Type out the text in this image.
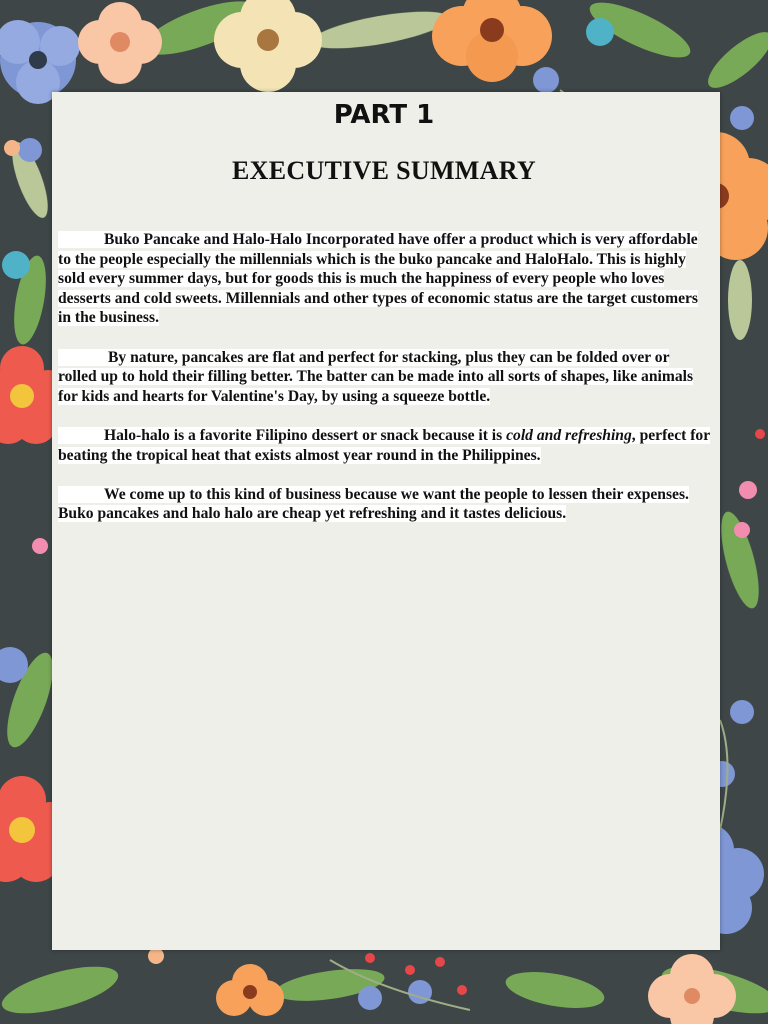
PART 1
EXECUTIVE SUMMARY

Buko Pancake and Halo-Halo Incorporated have offer a product which is very affordable to the people especially the millennials which is the buko pancake and HaloHalo. This is highly sold every summer days, but for goods this is much the happiness of every people who loves desserts and cold sweets. Millennials and other types of economic status are the target customers in the business.

By nature, pancakes are flat and perfect for stacking, plus they can be folded over or rolled up to hold their filling better. The batter can be made into all sorts of shapes, like animals for kids and hearts for Valentine's Day, by using a squeeze bottle.

Halo-halo is a favorite Filipino dessert or snack because it is cold and refreshing, perfect for beating the tropical heat that exists almost year round in the Philippines.

We come up to this kind of business because we want the people to lessen their expenses. Buko pancakes and halo halo are cheap yet refreshing and it tastes delicious.
